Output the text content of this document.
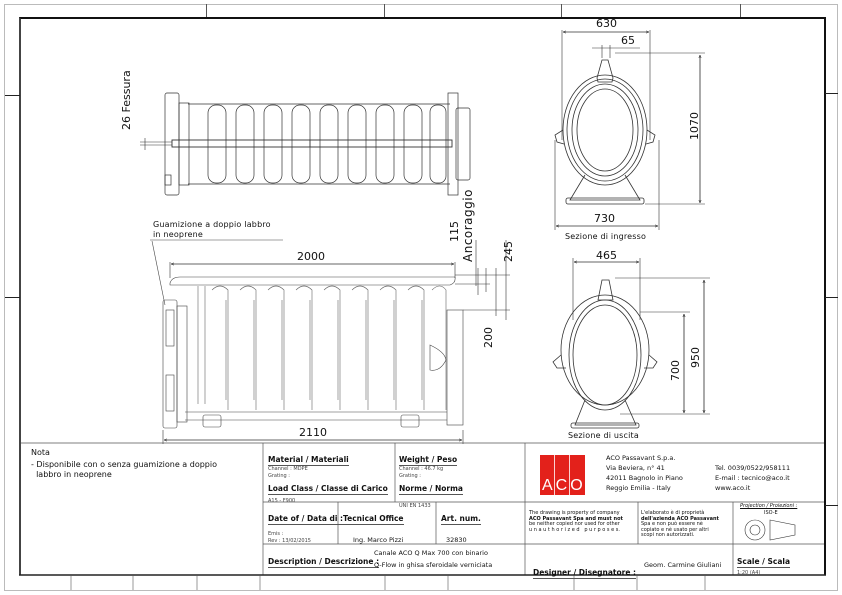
26 Fessura
Guamizione a doppio labbro
in neoprene
2000
2110
115 Ancoraggio 245
200
630
65
1070
730
Sezione di ingresso
465
950
700
Sezione di uscita
Nota
- Disponibile con o senza guamizione a doppio
labbro in neoprene
Material / Materiali
Channel : MDPE
Grating :
Load Class / Classe di Carico
A15 - F900
Weight / Peso
Channel : 46.7 kg
Grating :
Norme / Norma
UNI EN 1433
Date of / Data di :
Emis :
Rev : 13/02/2015
Tecnical Office
Ing. Marco Pizzi
Art. num.
32830
Description / Descrizione :
Canale ACO Q Max 700 con binario
Q-Flow in ghisa sferoidale verniciata
ACO
ACO Passavant S.p.a.
Via Beviera, n° 41
42011 Bagnolo in Piano
Reggio Emilia - Italy
Tel. 0039/0522/958111
E-mail : tecnico@aco.it
www.aco.it
The drawing is property of company
ACO Passavant Spa and must not
be neither copied nor used for other
u n a u t h o r i z e d   p u r p o s e s.
L'elaborato è di proprietà
dell'azienda ACO Passavant
Spa e non può essere nè
copiato e nè usato per altri
scopi non autorizzati.
Projection / Proiezioni :
ISO-E
Designer / Disegnatore :
Geom. Carmine Giuliani Scale / Scala
1:20 (A4)
